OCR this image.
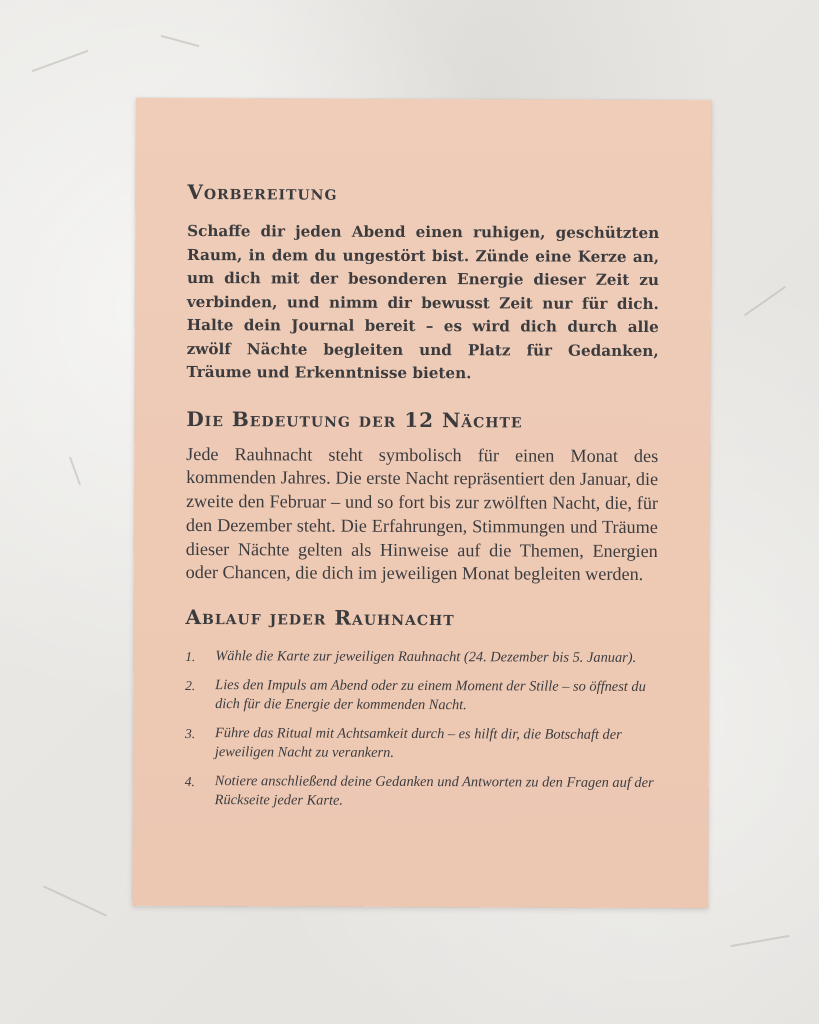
Vorbereitung

Schaffe dir jeden Abend einen ruhigen, geschützten Raum, in dem du ungestört bist. Zünde eine Kerze an, um dich mit der besonderen Energie dieser Zeit zu verbinden, und nimm dir bewusst Zeit nur für dich. Halte dein Journal bereit – es wird dich durch alle zwölf Nächte begleiten und Platz für Gedanken, Träume und Erkenntnisse bieten.

Die Bedeutung der 12 Nächte

Jede Rauhnacht steht symbolisch für einen Monat des kommenden Jahres. Die erste Nacht repräsentiert den Januar, die zweite den Februar – und so fort bis zur zwölften Nacht, die, für den Dezember steht. Die Erfahrungen, Stimmungen und Träume dieser Nächte gelten als Hinweise auf die Themen, Energien oder Chancen, die dich im jeweiligen Monat begleiten werden.

Ablauf jeder Rauhnacht
1.	Wähle die Karte zur jeweiligen Rauhnacht (24. Dezember bis 5. Januar).
2.	Lies den Impuls am Abend oder zu einem Moment der Stille – so öffnest du dich für die Energie der kommenden Nacht.
3.	Führe das Ritual mit Achtsamkeit durch – es hilft dir, die Botschaft der jeweiligen Nacht zu verankern.
4.	Notiere anschließend deine Gedanken und Antworten zu den Fragen auf der Rückseite jeder Karte.
